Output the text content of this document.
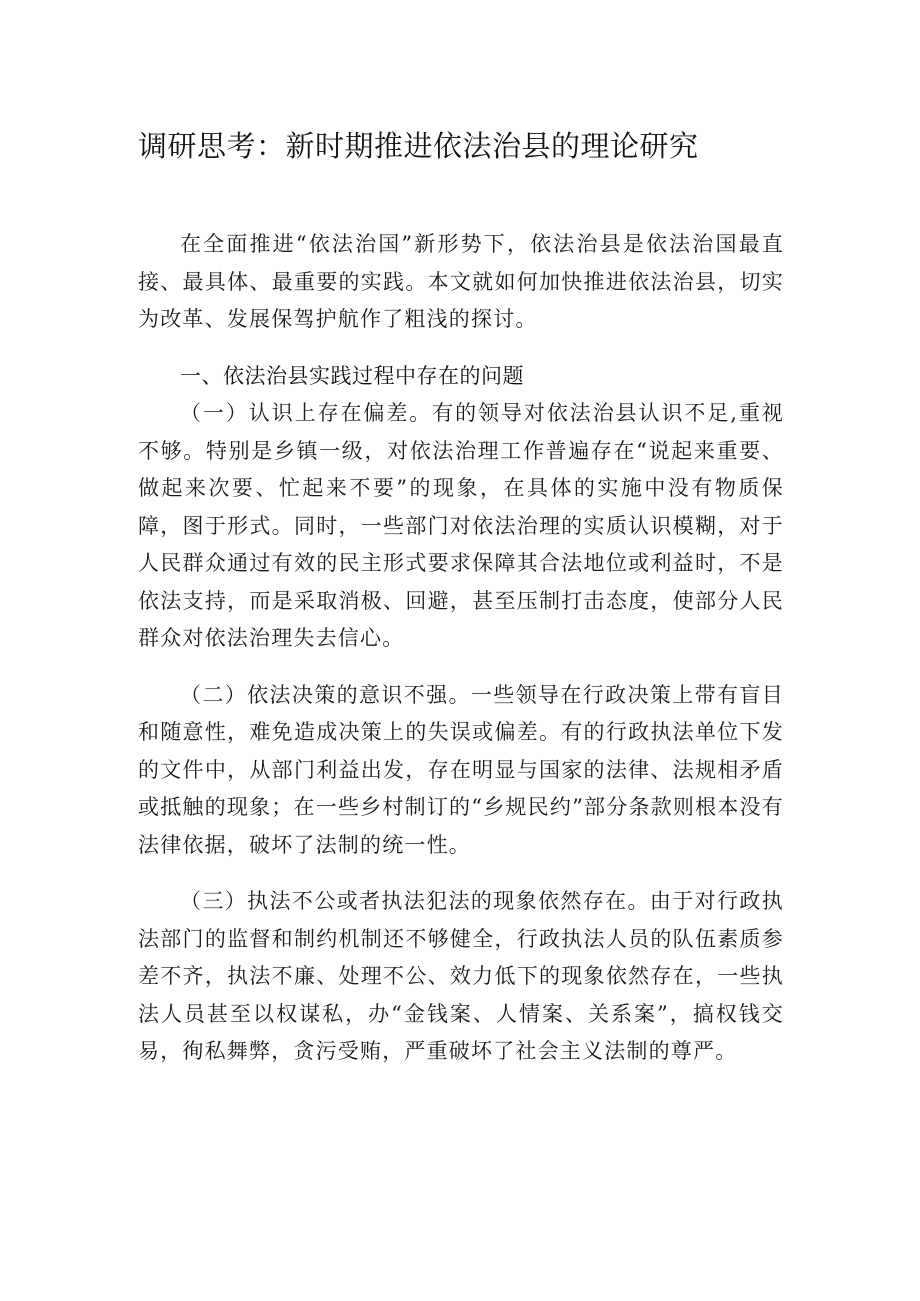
调研思考：新时期推进依法治县的理论研究

在全面推进“依法治国”新形势下，依法治县是依法治国最直接、最具体、最重要的实践。本文就如何加快推进依法治县，切实为改革、发展保驾护航作了粗浅的探讨。

一、依法治县实践过程中存在的问题

（一）认识上存在偏差。有的领导对依法治县认识不足,重视不够。特别是乡镇一级，对依法治理工作普遍存在“说起来重要、做起来次要、忙起来不要”的现象，在具体的实施中没有物质保障，图于形式。同时，一些部门对依法治理的实质认识模糊，对于人民群众通过有效的民主形式要求保障其合法地位或利益时，不是依法支持，而是采取消极、回避，甚至压制打击态度，使部分人民群众对依法治理失去信心。

（二）依法决策的意识不强。一些领导在行政决策上带有盲目和随意性，难免造成决策上的失误或偏差。有的行政执法单位下发的文件中，从部门利益出发，存在明显与国家的法律、法规相矛盾或抵触的现象；在一些乡村制订的“乡规民约”部分条款则根本没有法律依据，破坏了法制的统一性。

（三）执法不公或者执法犯法的现象依然存在。由于对行政执法部门的监督和制约机制还不够健全，行政执法人员的队伍素质参差不齐，执法不廉、处理不公、效力低下的现象依然存在，一些执法人员甚至以权谋私，办“金钱案、人情案、关系案”，搞权钱交易，徇私舞弊，贪污受贿，严重破坏了社会主义法制的尊严。
